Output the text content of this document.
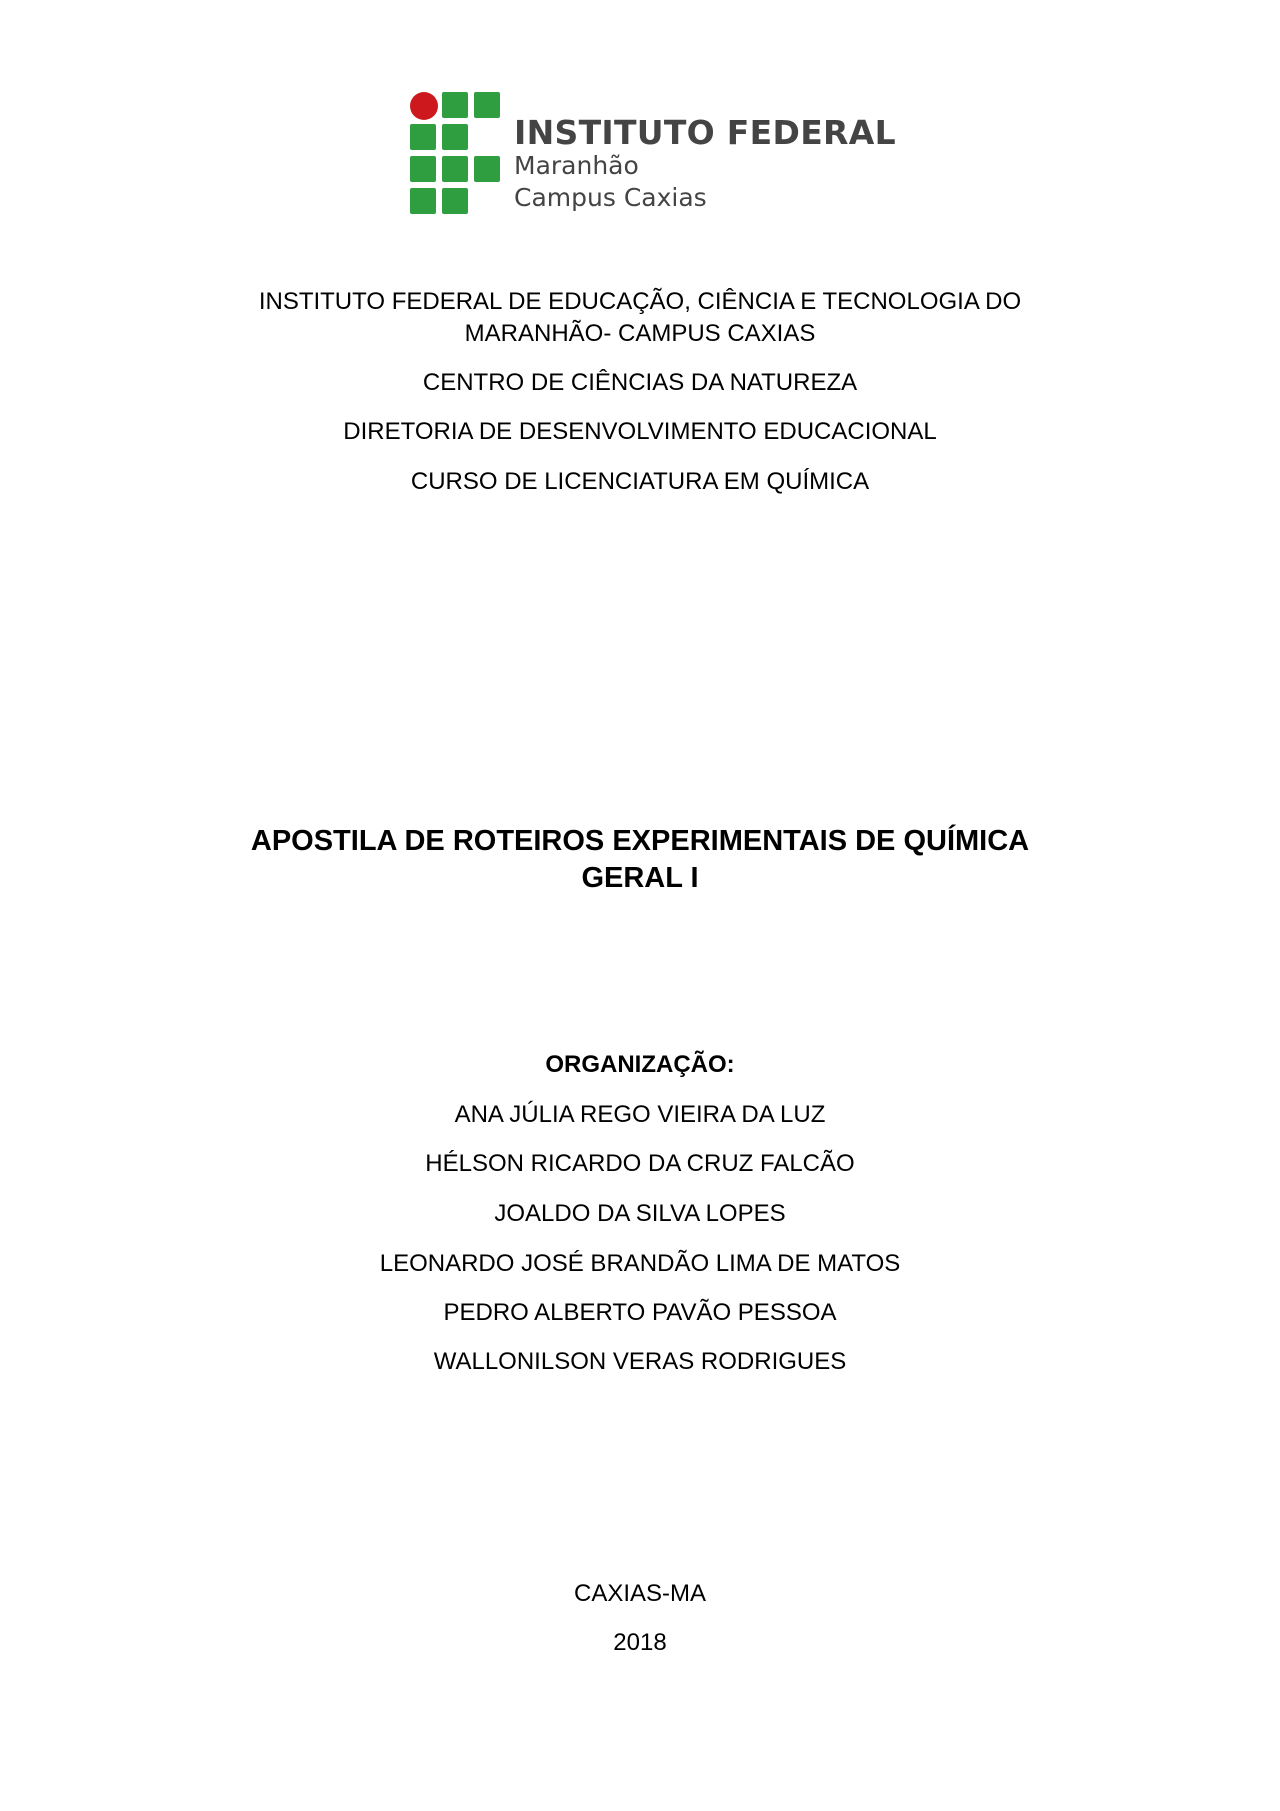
INSTITUTO FEDERAL
Maranhão
Campus Caxias
INSTITUTO FEDERAL DE EDUCAÇÃO, CIÊNCIA E TECNOLOGIA DO
MARANHÃO- CAMPUS CAXIAS
CENTRO DE CIÊNCIAS DA NATUREZA
DIRETORIA DE DESENVOLVIMENTO EDUCACIONAL
CURSO DE LICENCIATURA EM QUÍMICA
APOSTILA DE ROTEIROS EXPERIMENTAIS DE QUÍMICA
GERAL I
ORGANIZAÇÃO:
ANA JÚLIA REGO VIEIRA DA LUZ
HÉLSON RICARDO DA CRUZ FALCÃO
JOALDO DA SILVA LOPES
LEONARDO JOSÉ BRANDÃO LIMA DE MATOS
PEDRO ALBERTO PAVÃO PESSOA
WALLONILSON VERAS RODRIGUES
CAXIAS-MA
2018
